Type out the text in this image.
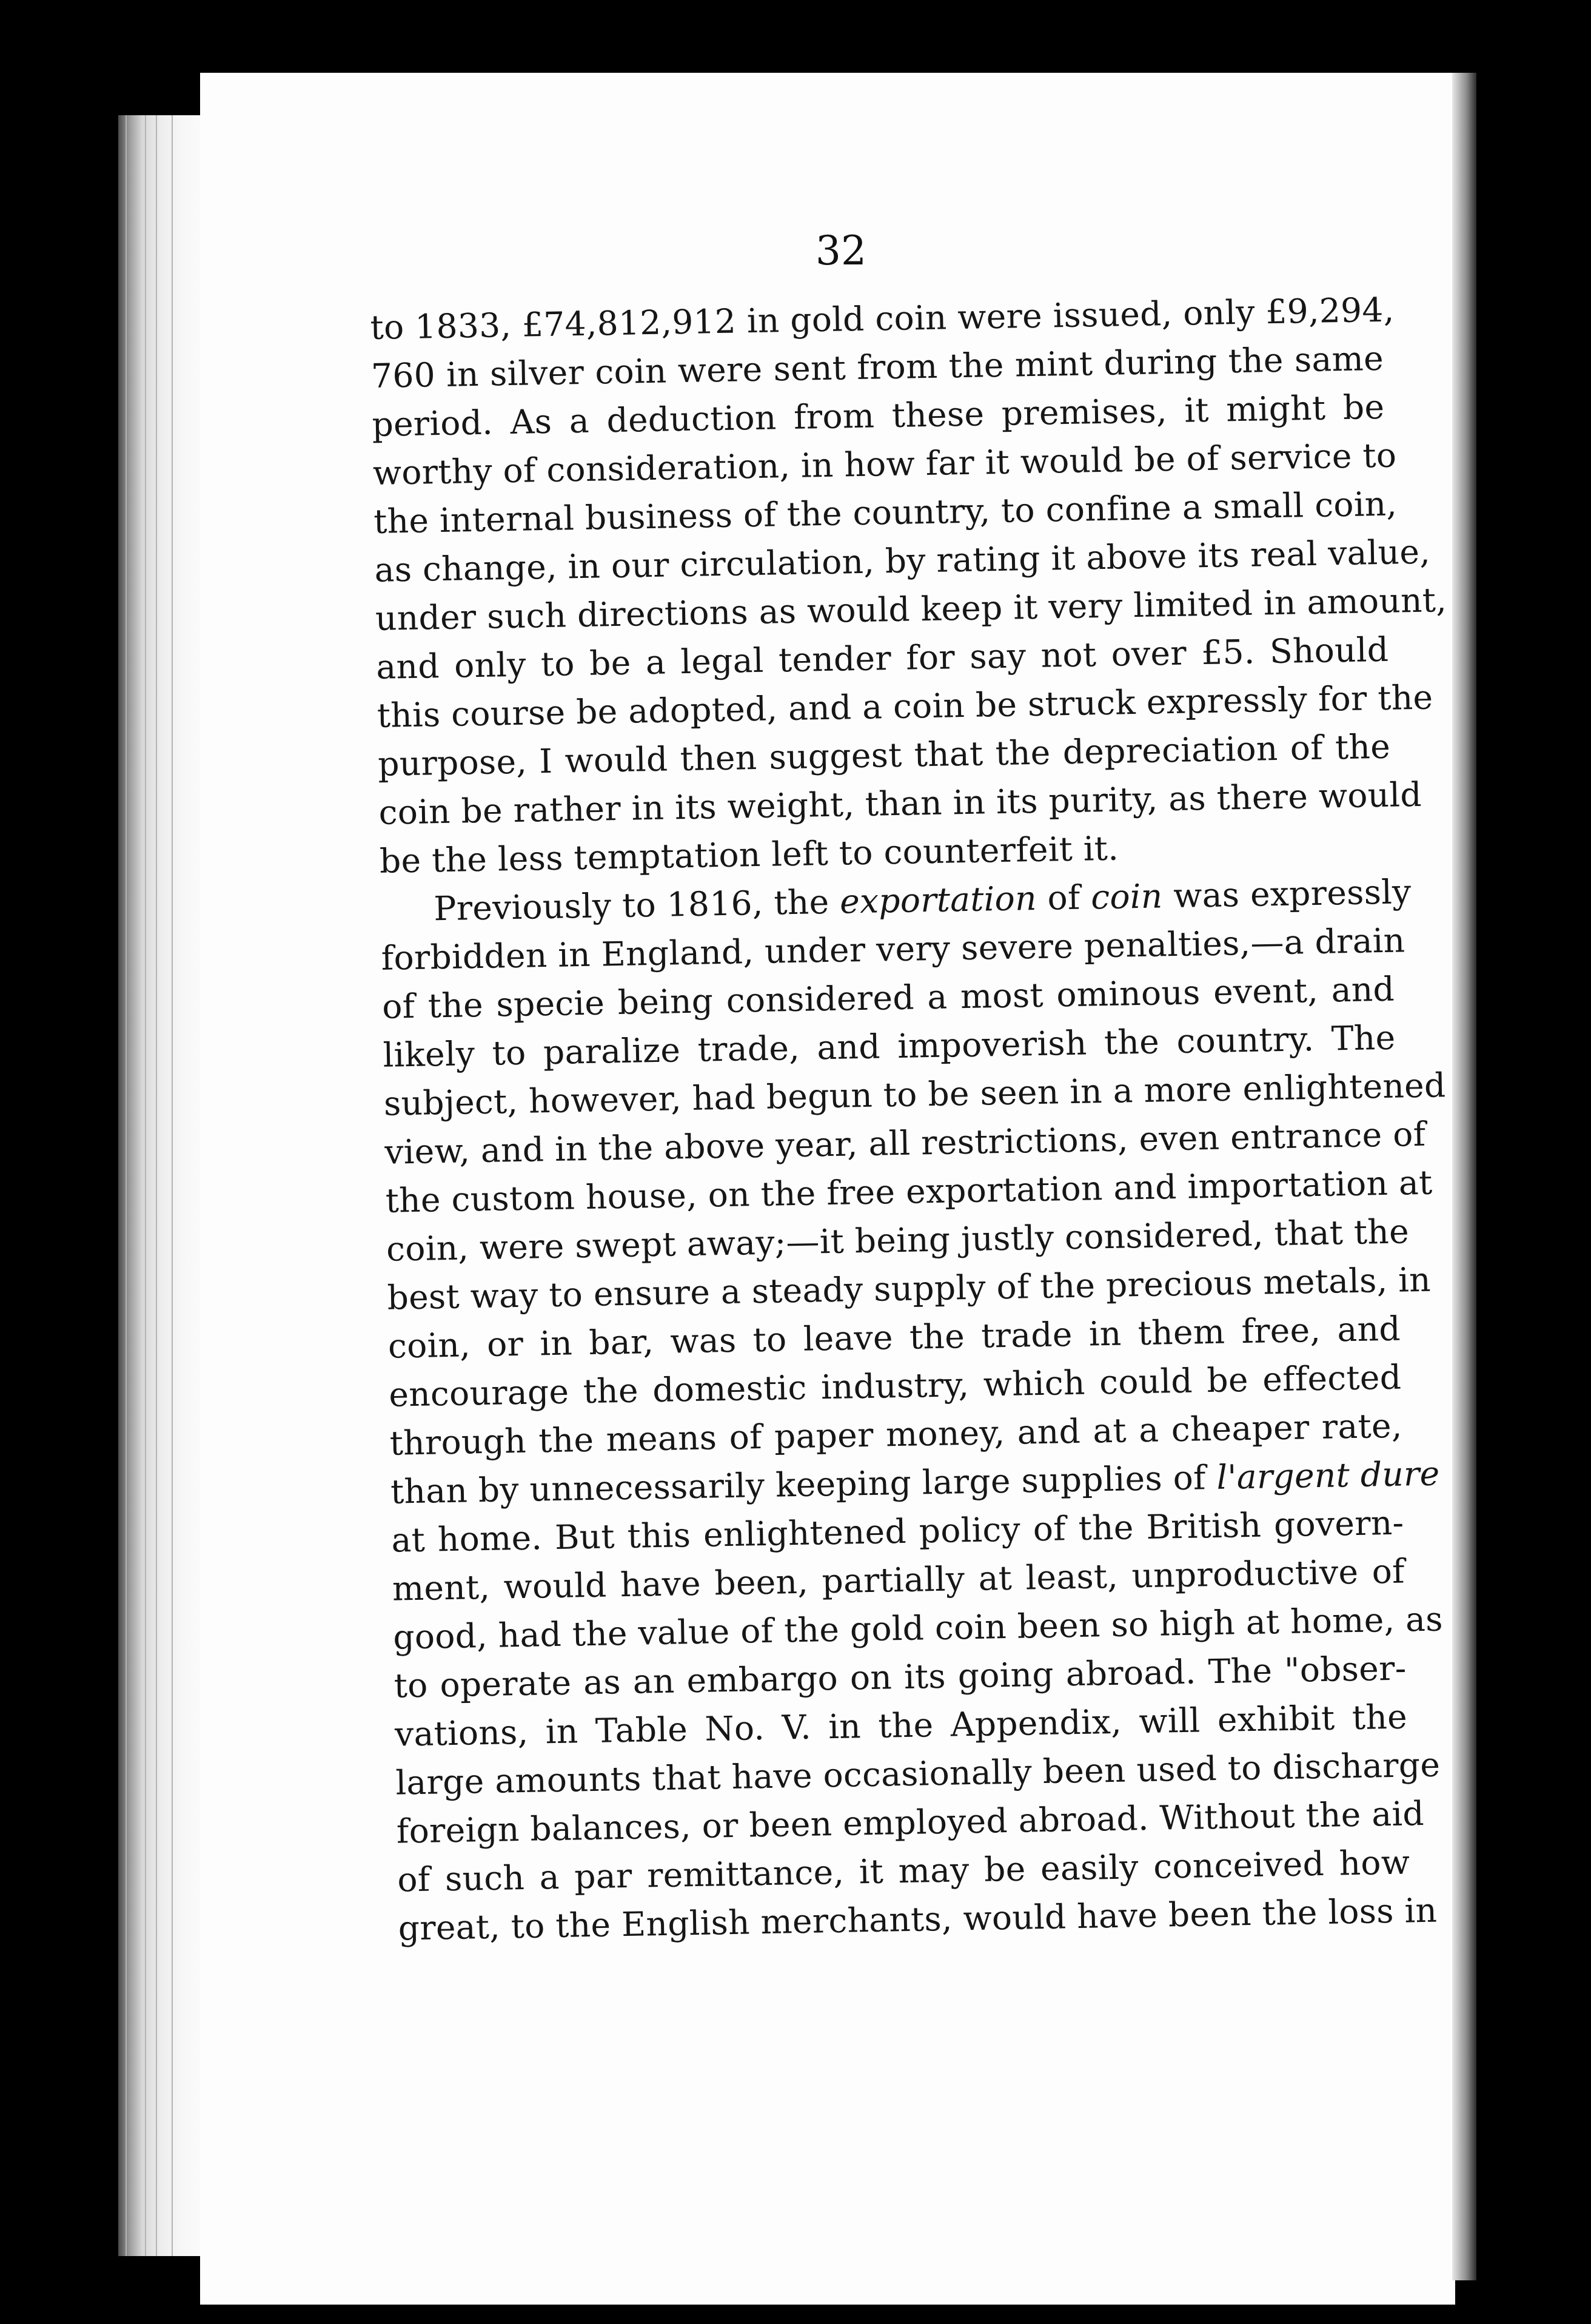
32
to 1833, £74,812,912 in gold coin were issued, only £9,294,
760 in silver coin were sent from the mint during the same
period. As a deduction from these premises, it might be
worthy of consideration, in how far it would be of service to
the internal business of the country, to confine a small coin,
as change, in our circulation, by rating it above its real value,
under such directions as would keep it very limited in amount,
and only to be a legal tender for say not over £5. Should
this course be adopted, and a coin be struck expressly for the
purpose, I would then suggest that the depreciation of the
coin be rather in its weight, than in its purity, as there would
be the less temptation left to counterfeit it.
Previously to 1816, the exportation of coin was expressly
forbidden in England, under very severe penalties,—a drain
of the specie being considered a most ominous event, and
likely to paralize trade, and impoverish the country. The
subject, however, had begun to be seen in a more enlightened
view, and in the above year, all restrictions, even entrance of
the custom house, on the free exportation and importation at
coin, were swept away;—it being justly considered, that the
best way to ensure a steady supply of the precious metals, in
coin, or in bar, was to leave the trade in them free, and
encourage the domestic industry, which could be effected
through the means of paper money, and at a cheaper rate,
than by unnecessarily keeping large supplies of l'argent dure
at home. But this enlightened policy of the British govern-
ment, would have been, partially at least, unproductive of
good, had the value of the gold coin been so high at home, as
to operate as an embargo on its going abroad. The "obser-
vations, in Table No. V. in the Appendix, will exhibit the
large amounts that have occasionally been used to discharge
foreign balances, or been employed abroad. Without the aid
of such a par remittance, it may be easily conceived how
great, to the English merchants, would have been the loss in
